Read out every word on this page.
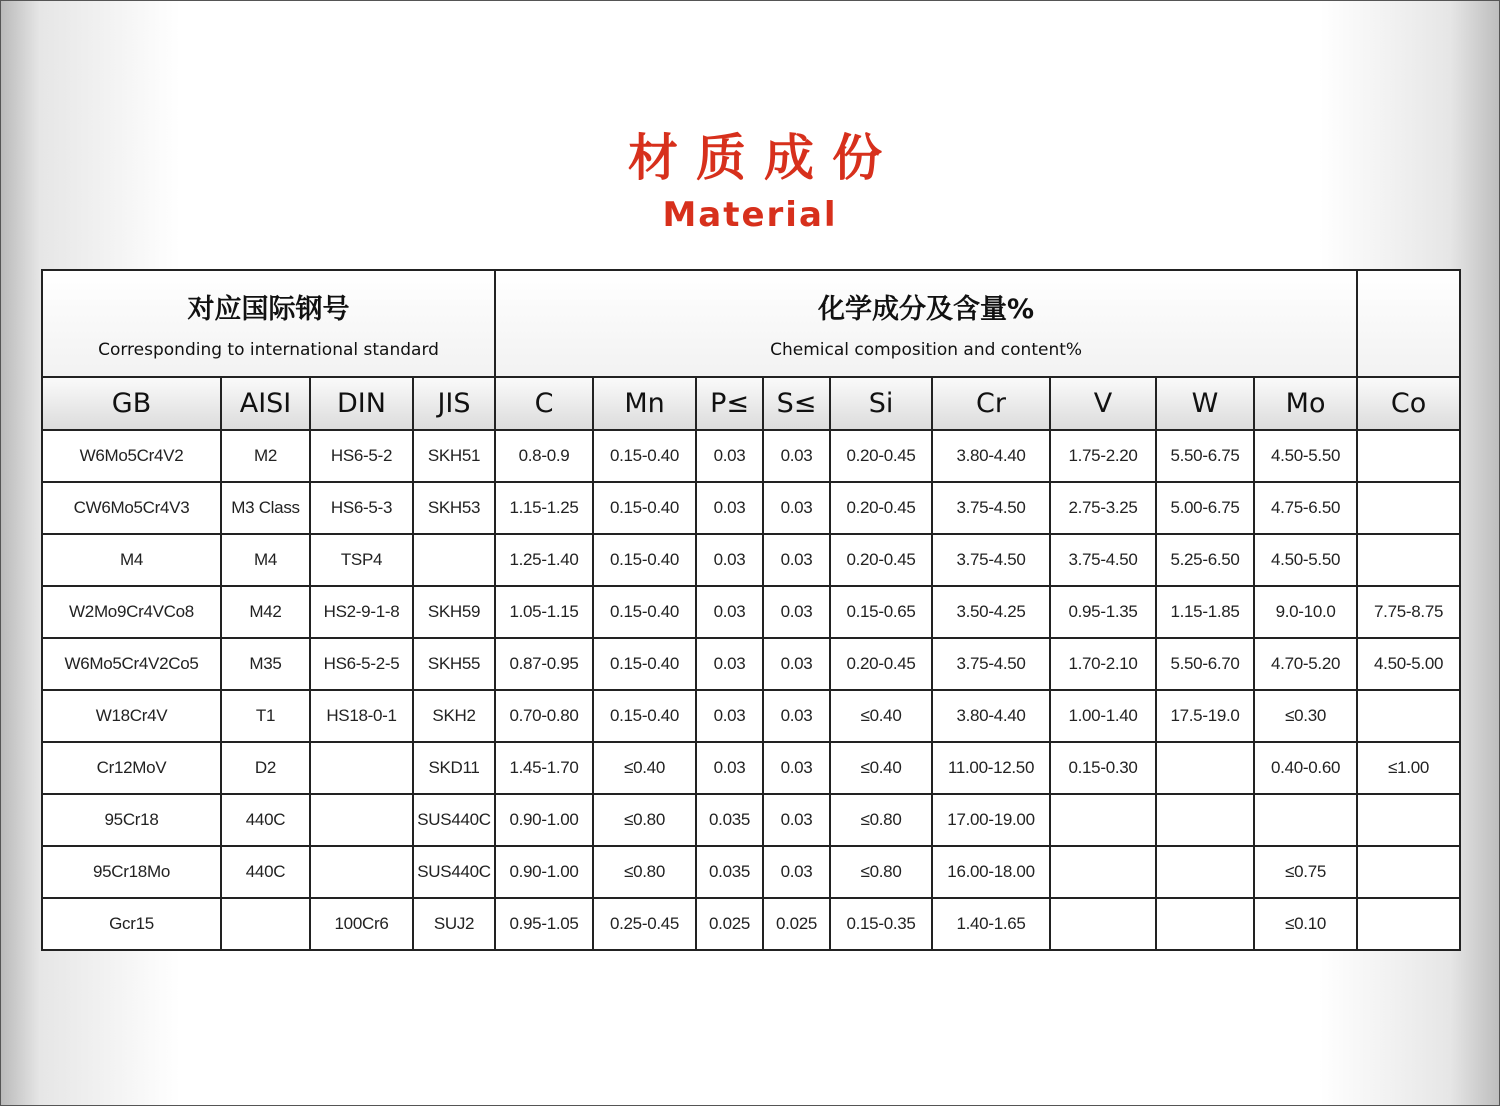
材质成份
Material
对应国际钢号
Corresponding to international standard				化学成分及含量%
Chemical composition and content%									

GB	AISI	DIN	JIS	C	Mn	P≤	S≤	Si	Cr	V	W	Mo	Co
W6Mo5Cr4V2	M2	HS6-5-2	SKH51	0.8-0.9	0.15-0.40	0.03	0.03	0.20-0.45	3.80-4.40	1.75-2.20	5.50-6.75	4.50-5.50	
CW6Mo5Cr4V3	M3 Class	HS6-5-3	SKH53	1.15-1.25	0.15-0.40	0.03	0.03	0.20-0.45	3.75-4.50	2.75-3.25	5.00-6.75	4.75-6.50	
M4	M4	TSP4		1.25-1.40	0.15-0.40	0.03	0.03	0.20-0.45	3.75-4.50	3.75-4.50	5.25-6.50	4.50-5.50	
W2Mo9Cr4VCo8	M42	HS2-9-1-8	SKH59	1.05-1.15	0.15-0.40	0.03	0.03	0.15-0.65	3.50-4.25	0.95-1.35	1.15-1.85	9.0-10.0	7.75-8.75
W6Mo5Cr4V2Co5	M35	HS6-5-2-5	SKH55	0.87-0.95	0.15-0.40	0.03	0.03	0.20-0.45	3.75-4.50	1.70-2.10	5.50-6.70	4.70-5.20	4.50-5.00
W18Cr4V	T1	HS18-0-1	SKH2	0.70-0.80	0.15-0.40	0.03	0.03	≤0.40	3.80-4.40	1.00-1.40	17.5-19.0	≤0.30	
Cr12MoV	D2		SKD11	1.45-1.70	≤0.40	0.03	0.03	≤0.40	11.00-12.50	0.15-0.30		0.40-0.60	≤1.00
95Cr18	440C		SUS440C	0.90-1.00	≤0.80	0.035	0.03	≤0.80	17.00-19.00				
95Cr18Mo	440C		SUS440C	0.90-1.00	≤0.80	0.035	0.03	≤0.80	16.00-18.00			≤0.75	
Gcr15		100Cr6	SUJ2	0.95-1.05	0.25-0.45	0.025	0.025	0.15-0.35	1.40-1.65			≤0.10	
